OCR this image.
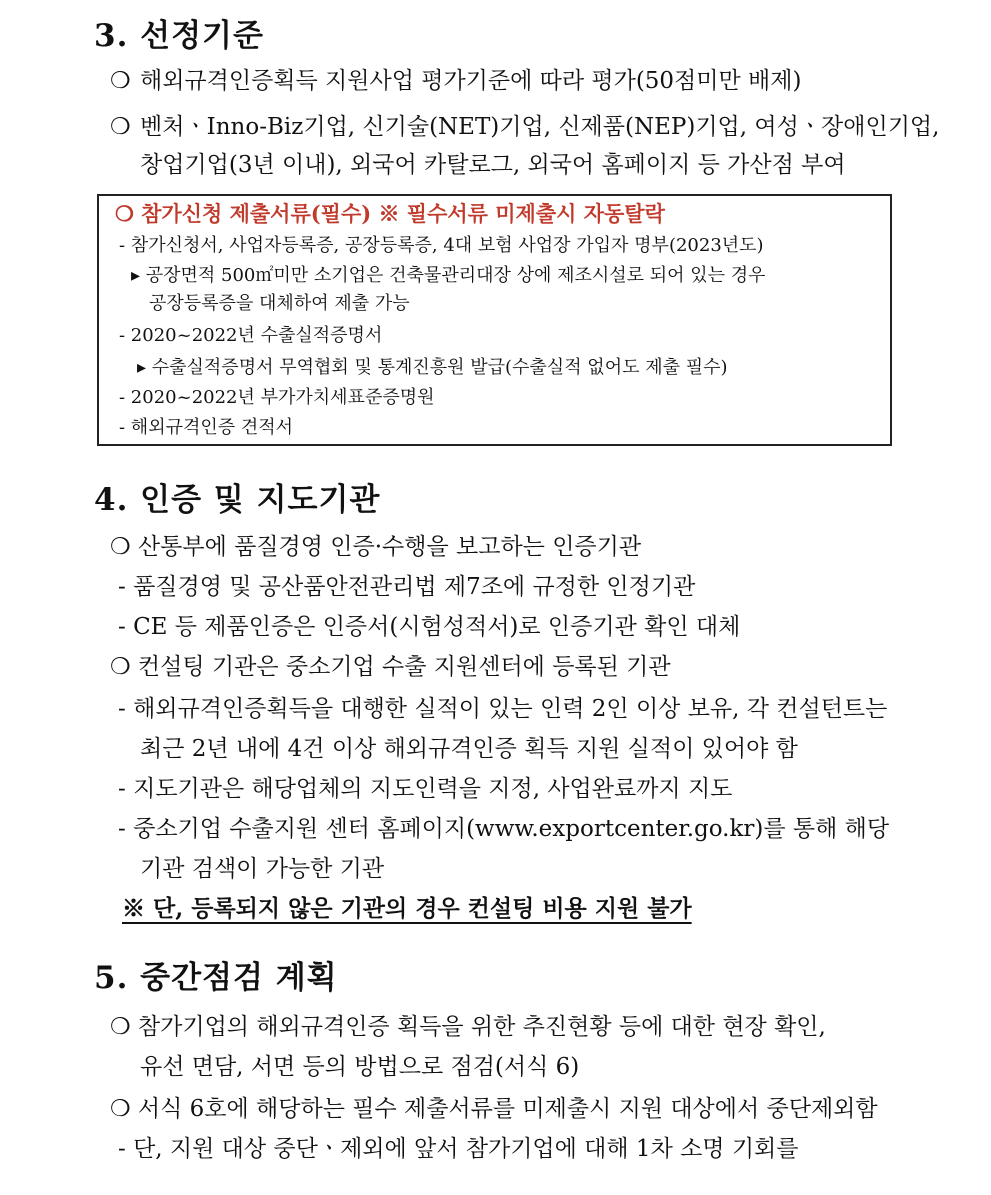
3. 선정기준
❍ 해외규격인증획득 지원사업 평가기준에 따라 평가(50점미만 배제)
❍ 벤처ㆍInno-Biz기업, 신기술(NET)기업, 신제품(NEP)기업, 여성ㆍ장애인기업,
창업기업(3년 이내), 외국어 카탈로그, 외국어 홈페이지 등 가산점 부여
❍ 참가신청 제출서류(필수) ※ 필수서류 미제출시 자동탈락
- 참가신청서, 사업자등록증, 공장등록증, 4대 보험 사업장 가입자 명부(2023년도)
▸ 공장면적 500㎡미만 소기업은 건축물관리대장 상에 제조시설로 되어 있는 경우
공장등록증을 대체하여 제출 가능
- 2020~2022년 수출실적증명서
▸ 수출실적증명서 무역협회 및 통계진흥원 발급(수출실적 없어도 제출 필수)
- 2020~2022년 부가가치세표준증명원
- 해외규격인증 견적서
4. 인증 및 지도기관
❍ 산통부에 품질경영 인증·수행을 보고하는 인증기관
- 품질경영 및 공산품안전관리법 제7조에 규정한 인정기관
- CE 등 제품인증은 인증서(시험성적서)로 인증기관 확인 대체
❍ 컨설팅 기관은 중소기업 수출 지원센터에 등록된 기관
- 해외규격인증획득을 대행한 실적이 있는 인력 2인 이상 보유, 각 컨설턴트는
최근 2년 내에 4건 이상 해외규격인증 획득 지원 실적이 있어야 함
- 지도기관은 해당업체의 지도인력을 지정, 사업완료까지 지도
- 중소기업 수출지원 센터 홈페이지(www.exportcenter.go.kr)를 통해 해당
기관 검색이 가능한 기관
※ 단, 등록되지 않은 기관의 경우 컨설팅 비용 지원 불가
5. 중간점검 계획
❍ 참가기업의 해외규격인증 획득을 위한 추진현황 등에 대한 현장 확인,
유선 면담, 서면 등의 방법으로 점검(서식 6)
❍ 서식 6호에 해당하는 필수 제출서류를 미제출시 지원 대상에서 중단제외함
- 단, 지원 대상 중단ㆍ제외에 앞서 참가기업에 대해 1차 소명 기회를
